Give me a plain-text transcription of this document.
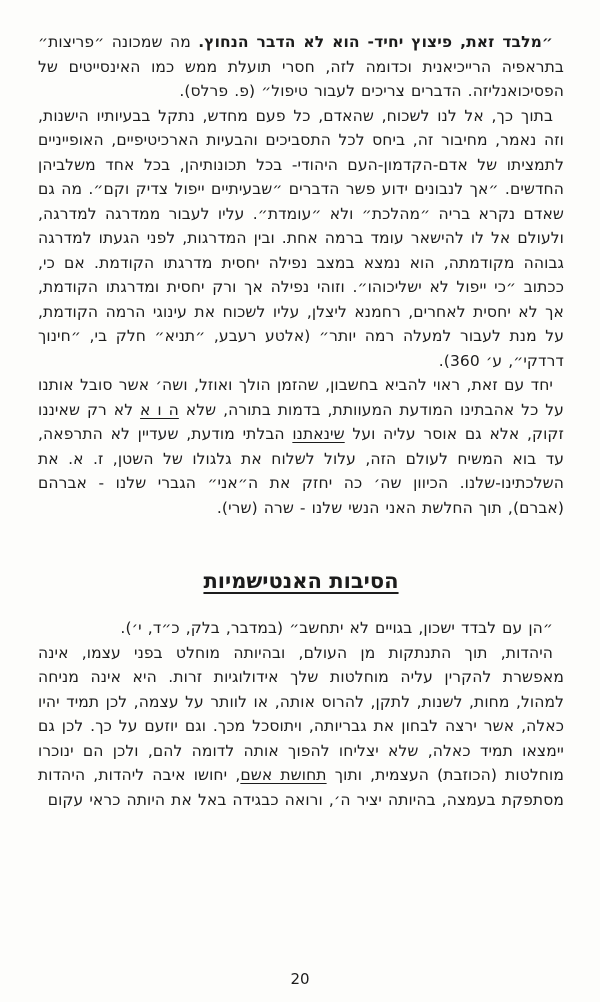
״מלבד זאת, פיצוץ יחיד- הוא לא הדבר הנחוץ. מה שמכונה ״פריצות״ בתראפיה הרייכיאנית וכדומה לזה, חסרי תועלת ממש כמו האינסייטים של הפסיכואנליזה. הדברים צריכים לעבור טיפול״ (פ. פרלס).

בתוך כך, אל לנו לשכוח, שהאדם, כל פעם מחדש, נתקל בבעיותיו הישנות, וזה נאמר, מחיבור זה, ביחס לכל התסביכים והבעיות הארכיטיפיים, האופייניים לתמציתו של אדם-הקדמון-העם היהודי- בכל תכונותיהן, בכל אחד משלביהן החדשים. ״אך לנבונים ידוע פשר הדברים ״שבעיתיים ייפול צדיק וקם״. מה גם שאדם נקרא בריה ״מהלכת״ ולא ״עומדת״. עליו לעבור ממדרגה למדרגה, ולעולם אל לו להישאר עומד ברמה אחת. ובין המדרגות, לפני הגעתו למדרגה גבוהה מקודמתה, הוא נמצא במצב נפילה יחסית מדרגתו הקודמת. אם כי, ככתוב ״כי ייפול לא ישליכוהו״. וזוהי נפילה אך ורק יחסית ומדרגתו הקודמת, אך לא יחסית לאחרים, רחמנא ליצלן, עליו לשכוח את עינוגי הרמה הקודמת, על מנת לעבור למעלה רמה יותר״ (אלטע רעבע, ״תניא״ חלק בי, ״חינוך דרדקי״, ע׳ 360).

יחד עם זאת, ראוי להביא בחשבון, שהזמן הולך ואוזל, ושה׳ אשר סובל אותנו על כל אהבתינו המודעת המעוותת, בדמות בתורה, שלא ה ו א לא רק שאיננו זקוק, אלא גם אוסר עליה ועל שינאתנו הבלתי מודעת, שעדיין לא התרפאה, עד בוא המשיח לעולם הזה, עלול לשלוח את גלגולו של השטן, ז. א. את השלכתינו-שלנו. הכיוון שה׳ כה יחזק את ה״אני״ הגברי שלנו - אברהם (אברם), תוך החלשת האני הנשי שלנו - שרה (שרי).

הסיבות האנטישמיות

״הן עם לבדד ישכון, בגויים לא יתחשב״ (במדבר, בלק, כ״ד, י׳).

היהדות, תוך התנתקות מן העולם, ובהיותה מוחלט בפני עצמו, אינה מאפשרת להקרין עליה מוחלטות שלך אידולוגיות זרות. היא אינה מניחה למהול, מחות, לשנות, לתקן, להרוס אותה, או לוותר על עצמה, לכן תמיד יהיו כאלה, אשר ירצה לבחון את גבריותה, ויתוסכל מכך. וגם יוזעם על כך. לכן גם יימצאו תמיד כאלה, שלא יצליחו להפוך אותה לדומה להם, ולכן הם ינוכרו מוחלטות (הכוזבת) העצמית, ותוך תחושת אשם, יחושו איבה ליהדות, היהדות מסתפקת בעמצה, בהיותה יציר ה׳, ורואה כבגידה באל את היותה כראי עקום

20
